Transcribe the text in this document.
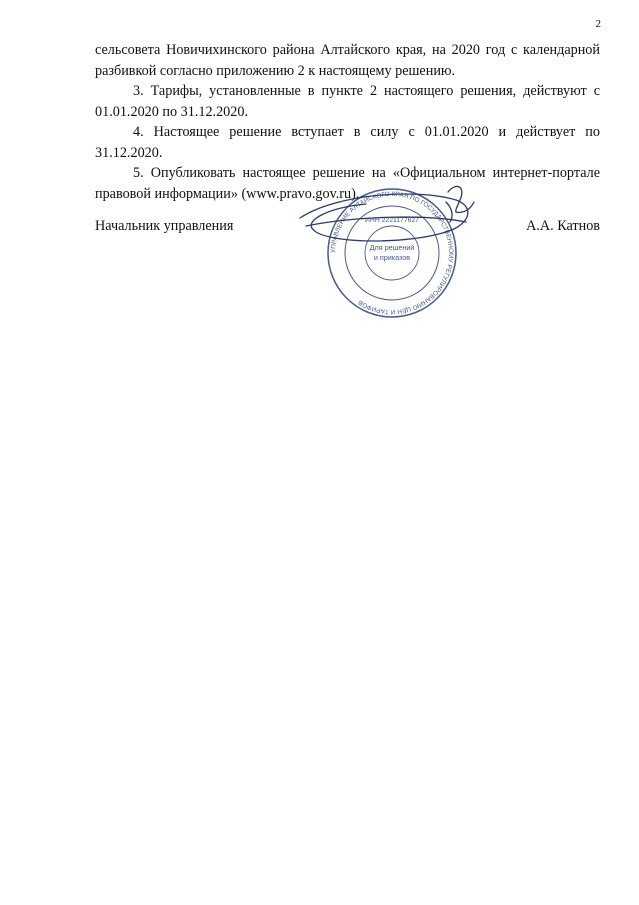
2

сельсовета Новичихинского района Алтайского края, на 2020 год с календарной разбивкой согласно приложению 2 к настоящему решению.

3. Тарифы, установленные в пункте 2 настоящего решения, действуют с 01.01.2020 по 31.12.2020.

4. Настоящее решение вступает в силу с 01.01.2020 и действует по 31.12.2020.

5. Опубликовать настоящее решение на «Официальном интернет-портале правовой информации» (www.pravo.gov.ru).

УПРАВЛЕНИЕ АЛТАЙСКОГО КРАЯ ПО ГОСУДАРСТВЕННОМУ РЕГУЛИРОВАНИЮ ЦЕН И ТАРИФОВ
ИНН 2221177627
Для решений
и приказов
Начальник управления	А.А. Катнов
